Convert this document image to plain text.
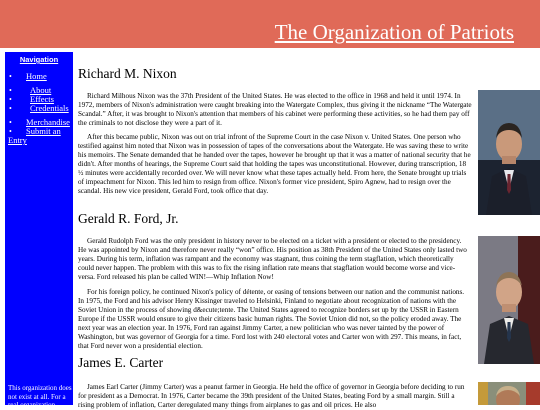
The Organization of Patriots
Navigation
• Home
• About
• Effects
• Credentials
• Merchandise
• Submit an Entry
This organization does not exist at all. For a real organization,
Richard M. Nixon

Richard Milhous Nixon was the 37th President of the United States. He was elected to the office in 1968 and held it until 1974. In 1972, members of Nixon's administration were caught breaking into the Watergate Complex, thus giving it the nickname “The Watergate Scandal.” After, it was brought to Nixon's attention that members of his cabinet were performing these activities, so he had them pay off the criminals to not disclose they were a part of it.

After this became public, Nixon was out on trial infront of the Supreme Court in the case Nixon v. United States. One person who testified against him noted that Nixon was in possession of tapes of the conversations about the Watergate. He was saving these to write his memoirs. The Senate demanded that he handed over the tapes, however he brought up that it was a matter of national security that he didn't. After months of hearings, the Supreme Court said that holding the tapes was unconstitutional. However, during transcription, 18 ½ minutes were accidentally recorded over. We will never know what these tapes actually held. From here, the Senate brought up trials of impeachment for Nixon. This led him to resign from office. Nixon's former vice president, Spiro Agnew, had to resign over the scandal. His new vice president, Gerald Ford, took office that day.

Gerald R. Ford, Jr.

Gerald Rudolph Ford was the only president in history never to be elected on a ticket with a president or elected to the presidency. He was appointed by Nixon and therefore never really “won” office. His position as 38th President of the United States only lasted two years. During his term, inflation was rampant and the economy was stagnant, thus coining the term stagflation, which theoretically could never happen. The problem with this was to fix the rising inflation rate means that stagflation would become worse and vice-versa. Ford released his plan be called WIN!—Whip Inflation Now!

For his foreign policy, he continued Nixon's policy of détente, or easing of tensions between our nation and the communist nations. In 1975, the Ford and his advisor Henry Kissinger traveled to Helsinki, Finland to negotiate about recognization of nations with the Soviet Union in the process of showing d&ecute;tente. The United States agreed to recognize borders set up by the USSR in Eastern Europe if the USSR would ensure to give their citizens basic human rights. The Soviet Union did not, so the policy eroded away. The next year was an election year. In 1976, Ford ran against Jimmy Carter, a new politician who was never tainted by the power of Washington, but was governor of Georgia for a time. Ford lost with 240 electoral votes and Carter won with 297. This means, in fact, that Ford never won a presidential election.

James E. Carter

James Earl Carter (Jimmy Carter) was a peanut farmer in Georgia. He held the office of governor in Georgia before deciding to run for president as a Democrat. In 1976, Carter became the 39th president of the United States, beating Ford by a small margin. Still a rising problem of inflation, Carter deregulated many things from airplanes to gas and oil prices. He also
